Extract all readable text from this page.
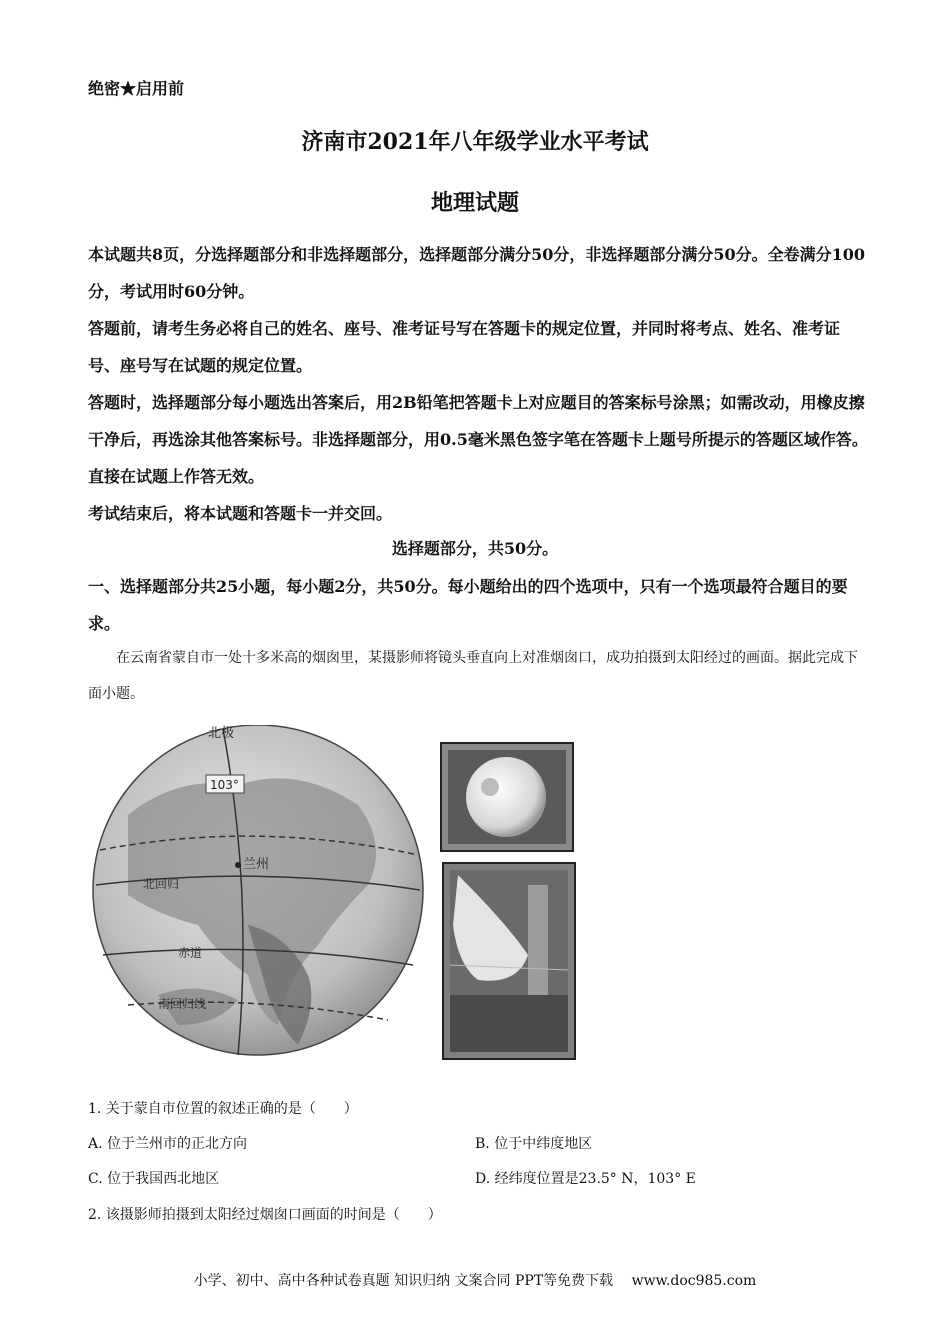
绝密★启用前
济南市2021年八年级学业水平考试
地理试题

本试题共8页，分选择题部分和非选择题部分，选择题部分满分50分，非选择题部分满分50分。全卷满分100分，考试用时60分钟。

答题前，请考生务必将自己的姓名、座号、准考证号写在答题卡的规定位置，并同时将考点、姓名、准考证号、座号写在试题的规定位置。

答题时，选择题部分每小题选出答案后，用2B铅笔把答题卡上对应题目的答案标号涂黑；如需改动，用橡皮擦干净后，再选涂其他答案标号。非选择题部分，用0.5毫米黑色签字笔在答题卡上题号所提示的答题区域作答。直接在试题上作答无效。

考试结束后，将本试题和答题卡一并交回。

选择题部分，共50分。

一、选择题部分共25小题，每小题2分，共50分。每小题给出的四个选项中，只有一个选项最符合题目的要求。

在云南省蒙自市一处十多米高的烟囱里，某摄影师将镜头垂直向上对准烟囱口，成功拍摄到太阳经过的画面。据此完成下面小题。

北极
103°
兰州
北回归
赤道
南回归线
1. 关于蒙自市位置的叙述正确的是（　　）
A. 位于兰州市的正北方向	B. 位于中纬度地区
C. 位于我国西北地区	D. 经纬度位置是23.5° N，103° E
2. 该摄影师拍摄到太阳经过烟囱口画面的时间是（　　）
小学、初中、高中各种试卷真题 知识归纳 文案合同 PPT等免费下载　 www.doc985.com
